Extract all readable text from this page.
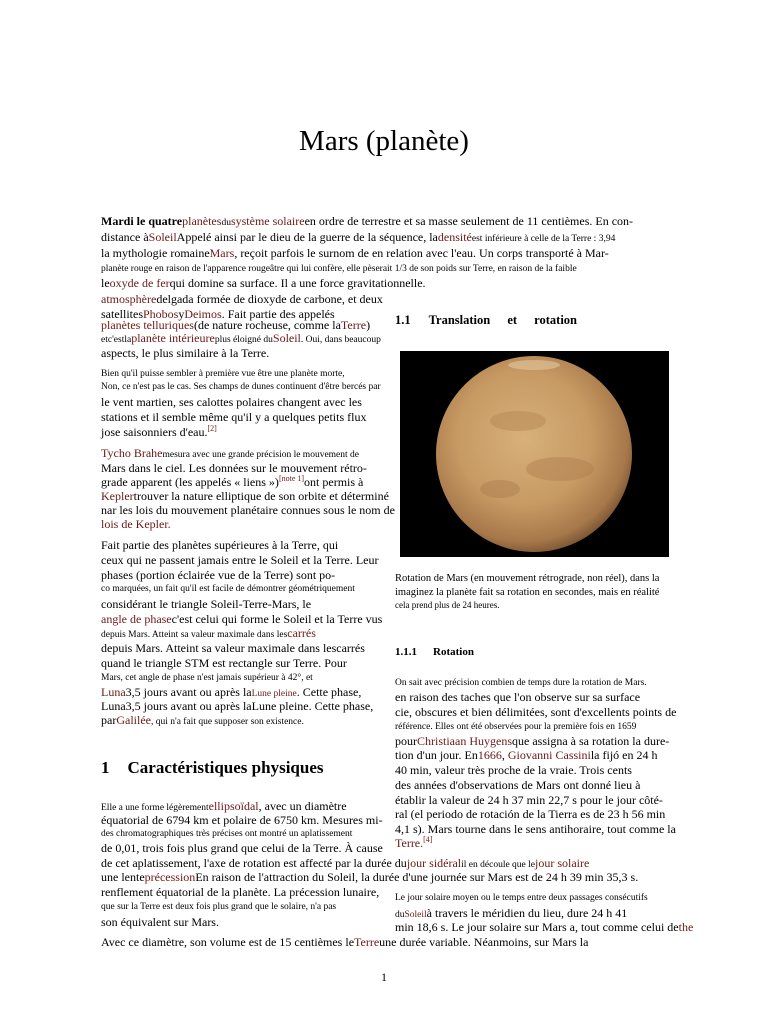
Mars (planète)
Mardi le quatreplanètesdusystème solaireen ordre de terrestre et sa masse seulement de 11 centièmes. En con-
distance àSoleilAppelé ainsi par le dieu de la guerre de la séquence, ladensitéest inférieure à celle de la Terre : 3,94
la mythologie romaineMars, reçoit parfois le surnom de en relation avec l'eau. Un corps transporté à Mar-
planète rouge en raison de l'apparence rougeâtre qui lui confère, elle pèserait 1/3 de son poids sur Terre, en raison de la faible
leoxyde de ferqui domine sa surface. Il a une force gravitationnelle.
atmosphèredelgada formée de dioxyde de carbone, et deux
satellitesPhobosyDeimos. Fait partie des appelés
planètes telluriques(de nature rocheuse, comme laTerre)
etc'estlaplanète intérieureplus éloigné duSoleil. Oui, dans beaucoup
aspects, le plus similaire à la Terre.
Bien qu'il puisse sembler à première vue être une planète morte,
Non, ce n'est pas le cas. Ses champs de dunes continuent d'être bercés par
le vent martien, ses calottes polaires changent avec les
stations et il semble même qu'il y a quelques petits flux
jose saisonniers d'eau.[2]
Tycho Brahemesura avec une grande précision le mouvement de
Mars dans le ciel. Les données sur le mouvement rétro-
grade apparent (les appelés « liens »)[note 1]ont permis à
Keplertrouver la nature elliptique de son orbite et déterminé
nar les lois du mouvement planétaire connues sous le nom de
lois de Kepler.
Fait partie des planètes supérieures à la Terre, qui
ceux qui ne passent jamais entre le Soleil et la Terre. Leur
phases (portion éclairée vue de la Terre) sont po-
co marquées, un fait qu'il est facile de démontrer géométriquement
considérant le triangle Soleil-Terre-Mars, le
angle de phasec'est celui qui forme le Soleil et la Terre vus
depuis Mars. Atteint sa valeur maximale dans lescarrés
depuis Mars. Atteint sa valeur maximale dans lescarrés
quand le triangle STM est rectangle sur Terre. Pour
Mars, cet angle de phase n'est jamais supérieur à 42°, et
Luna3,5 jours avant ou après laLune pleine. Cette phase,
Luna3,5 jours avant ou après laLune pleine. Cette phase,
parGalilée, qui n'a fait que supposer son existence.
1 Caractéristiques physiques
Elle a une forme légèrementellipsoïdal, avec un diamètre
équatorial de 6794 km et polaire de 6750 km. Mesures mi-
des chromatographiques très précises ont montré un aplatissement
de 0,01, trois fois plus grand que celui de la Terre. À cause
de cet aplatissement, l'axe de rotation est affecté par la durée dujour sidéralil en découle que lejour solaire
une lenteprécessionEn raison de l'attraction du Soleil, la durée d'une journée sur Mars est de 24 h 39 min 35,3 s.
renflement équatorial de la planète. La précession lunaire,
que sur la Terre est deux fois plus grand que le solaire, n'a pas
son équivalent sur Mars.
Avec ce diamètre, son volume est de 15 centièmes leTerreune durée variable. Néanmoins, sur Mars la
1.1 Translation et rotation
Rotation de Mars (en mouvement rétrograde, non réel), dans la
imaginez la planète fait sa rotation en secondes, mais en réalité
cela prend plus de 24 heures.
1.1.1 Rotation
On sait avec précision combien de temps dure la rotation de Mars.
en raison des taches que l'on observe sur sa surface
cie, obscures et bien délimitées, sont d'excellents points de
référence. Elles ont été observées pour la première fois en 1659
pourChristiaan Huygensque assigna à sa rotation la dure-
tion d'un jour. En1666, Giovanni Cassinila fijó en 24 h
40 min, valeur très proche de la vraie. Trois cents
des années d'observations de Mars ont donné lieu à
établir la valeur de 24 h 37 min 22,7 s pour le jour côté-
ral (el periodo de rotación de la Tierra es de 23 h 56 min
4,1 s). Mars tourne dans le sens antihoraire, tout comme la
Terre.[4]
Le jour solaire moyen ou le temps entre deux passages consécutifs
duSoleilà travers le méridien du lieu, dure 24 h 41
min 18,6 s. Le jour solaire sur Mars a, tout comme celui dethe
1
